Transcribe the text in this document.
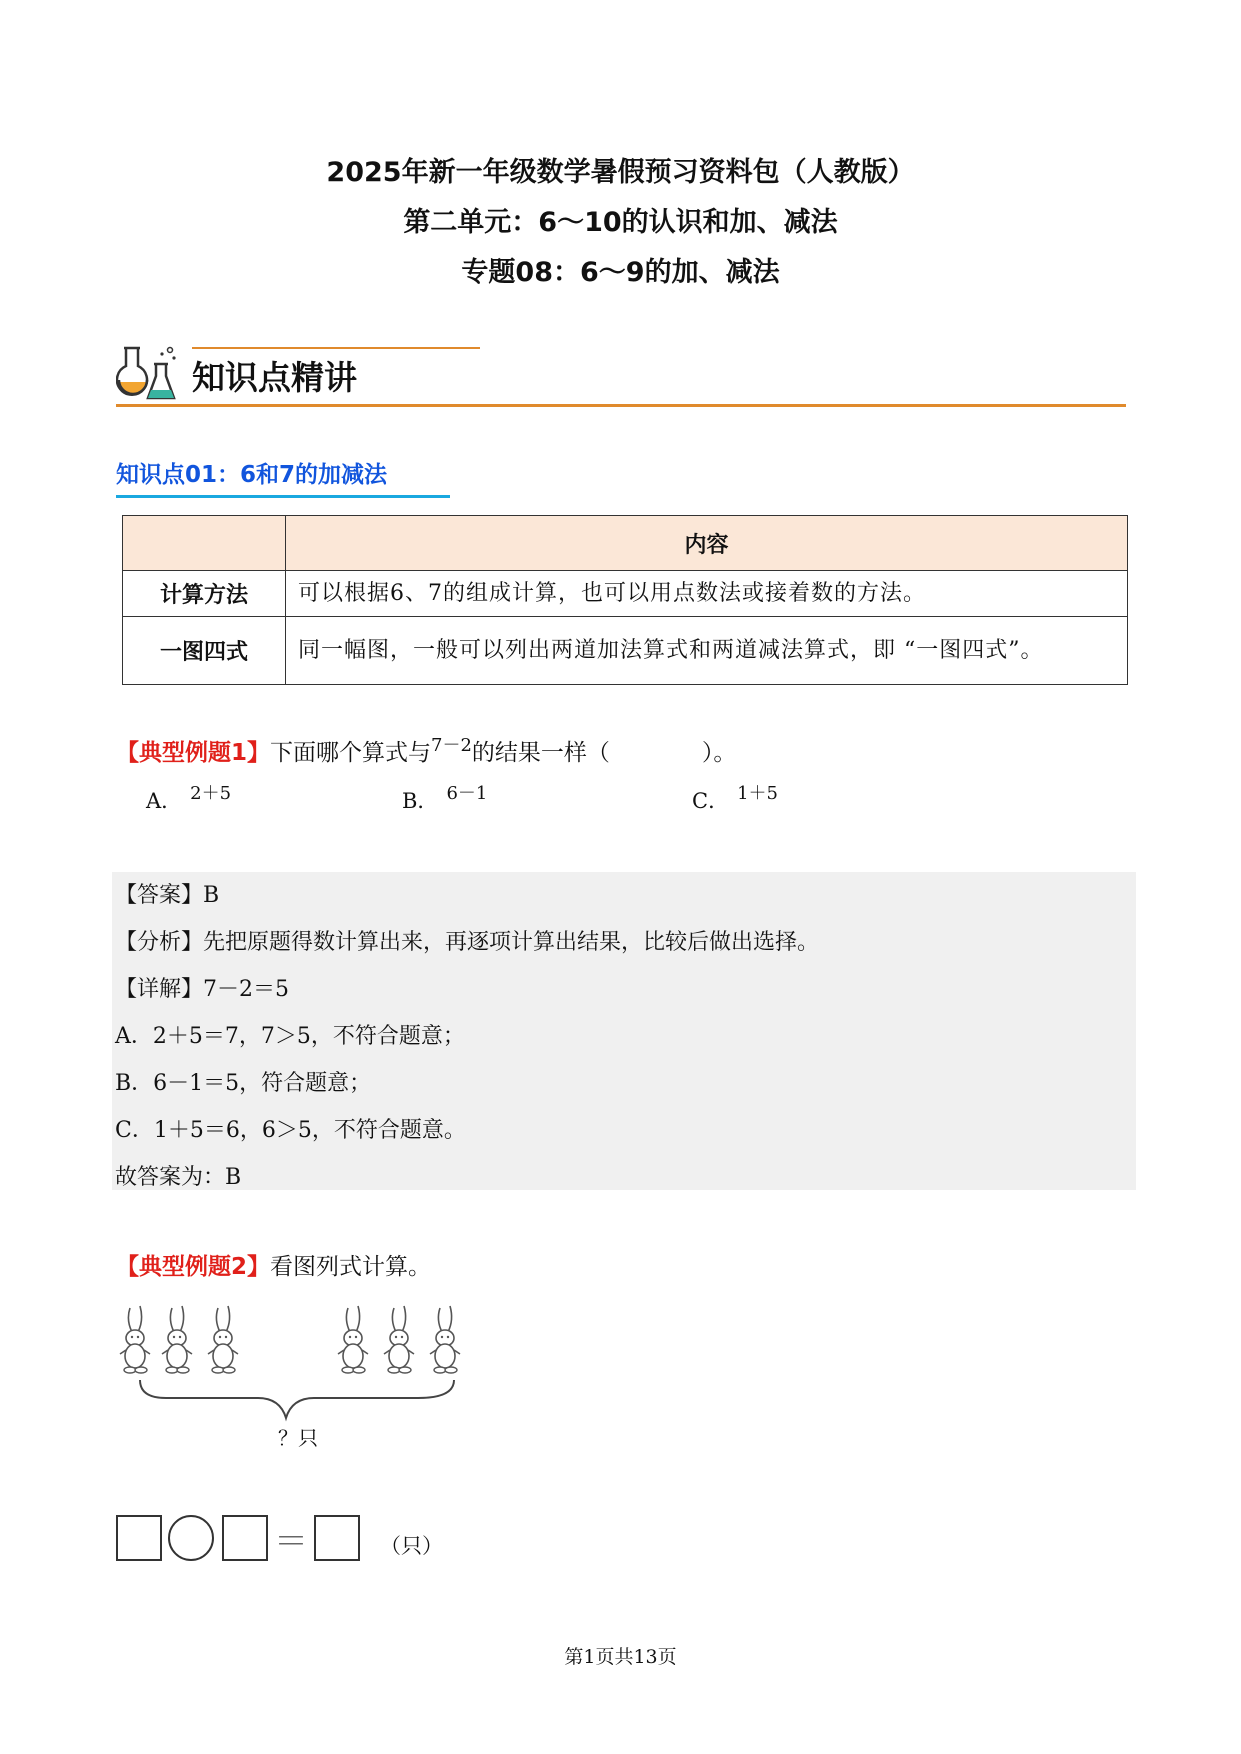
2025年新一年级数学暑假预习资料包（人教版）
第二单元：6～10的认识和加、减法
专题08：6～9的加、减法
知识点精讲
知识点01：6和7的加减法
	内容
计算方法	可以根据6、7的组成计算，也可以用点数法或接着数的方法。
一图四式	同一幅图，一般可以列出两道加法算式和两道减法算式，即 “一图四式”。
【典型例题1】下面哪个算式与$^{7-2}$的结果一样（　　　　）。
A． 2＋5	B． 6－1	C． 1＋5
【答案】B
【分析】先把原题得数计算出来，再逐项计算出结果，比较后做出选择。
【详解】7－2＝5
A．2＋5＝7，7＞5，不符合题意；
B．6－1＝5，符合题意；
C．1＋5＝6，6＞5，不符合题意。
故答案为：B
【典型例题2】看图列式计算。
？只
＝	（只）
第1页共13页
